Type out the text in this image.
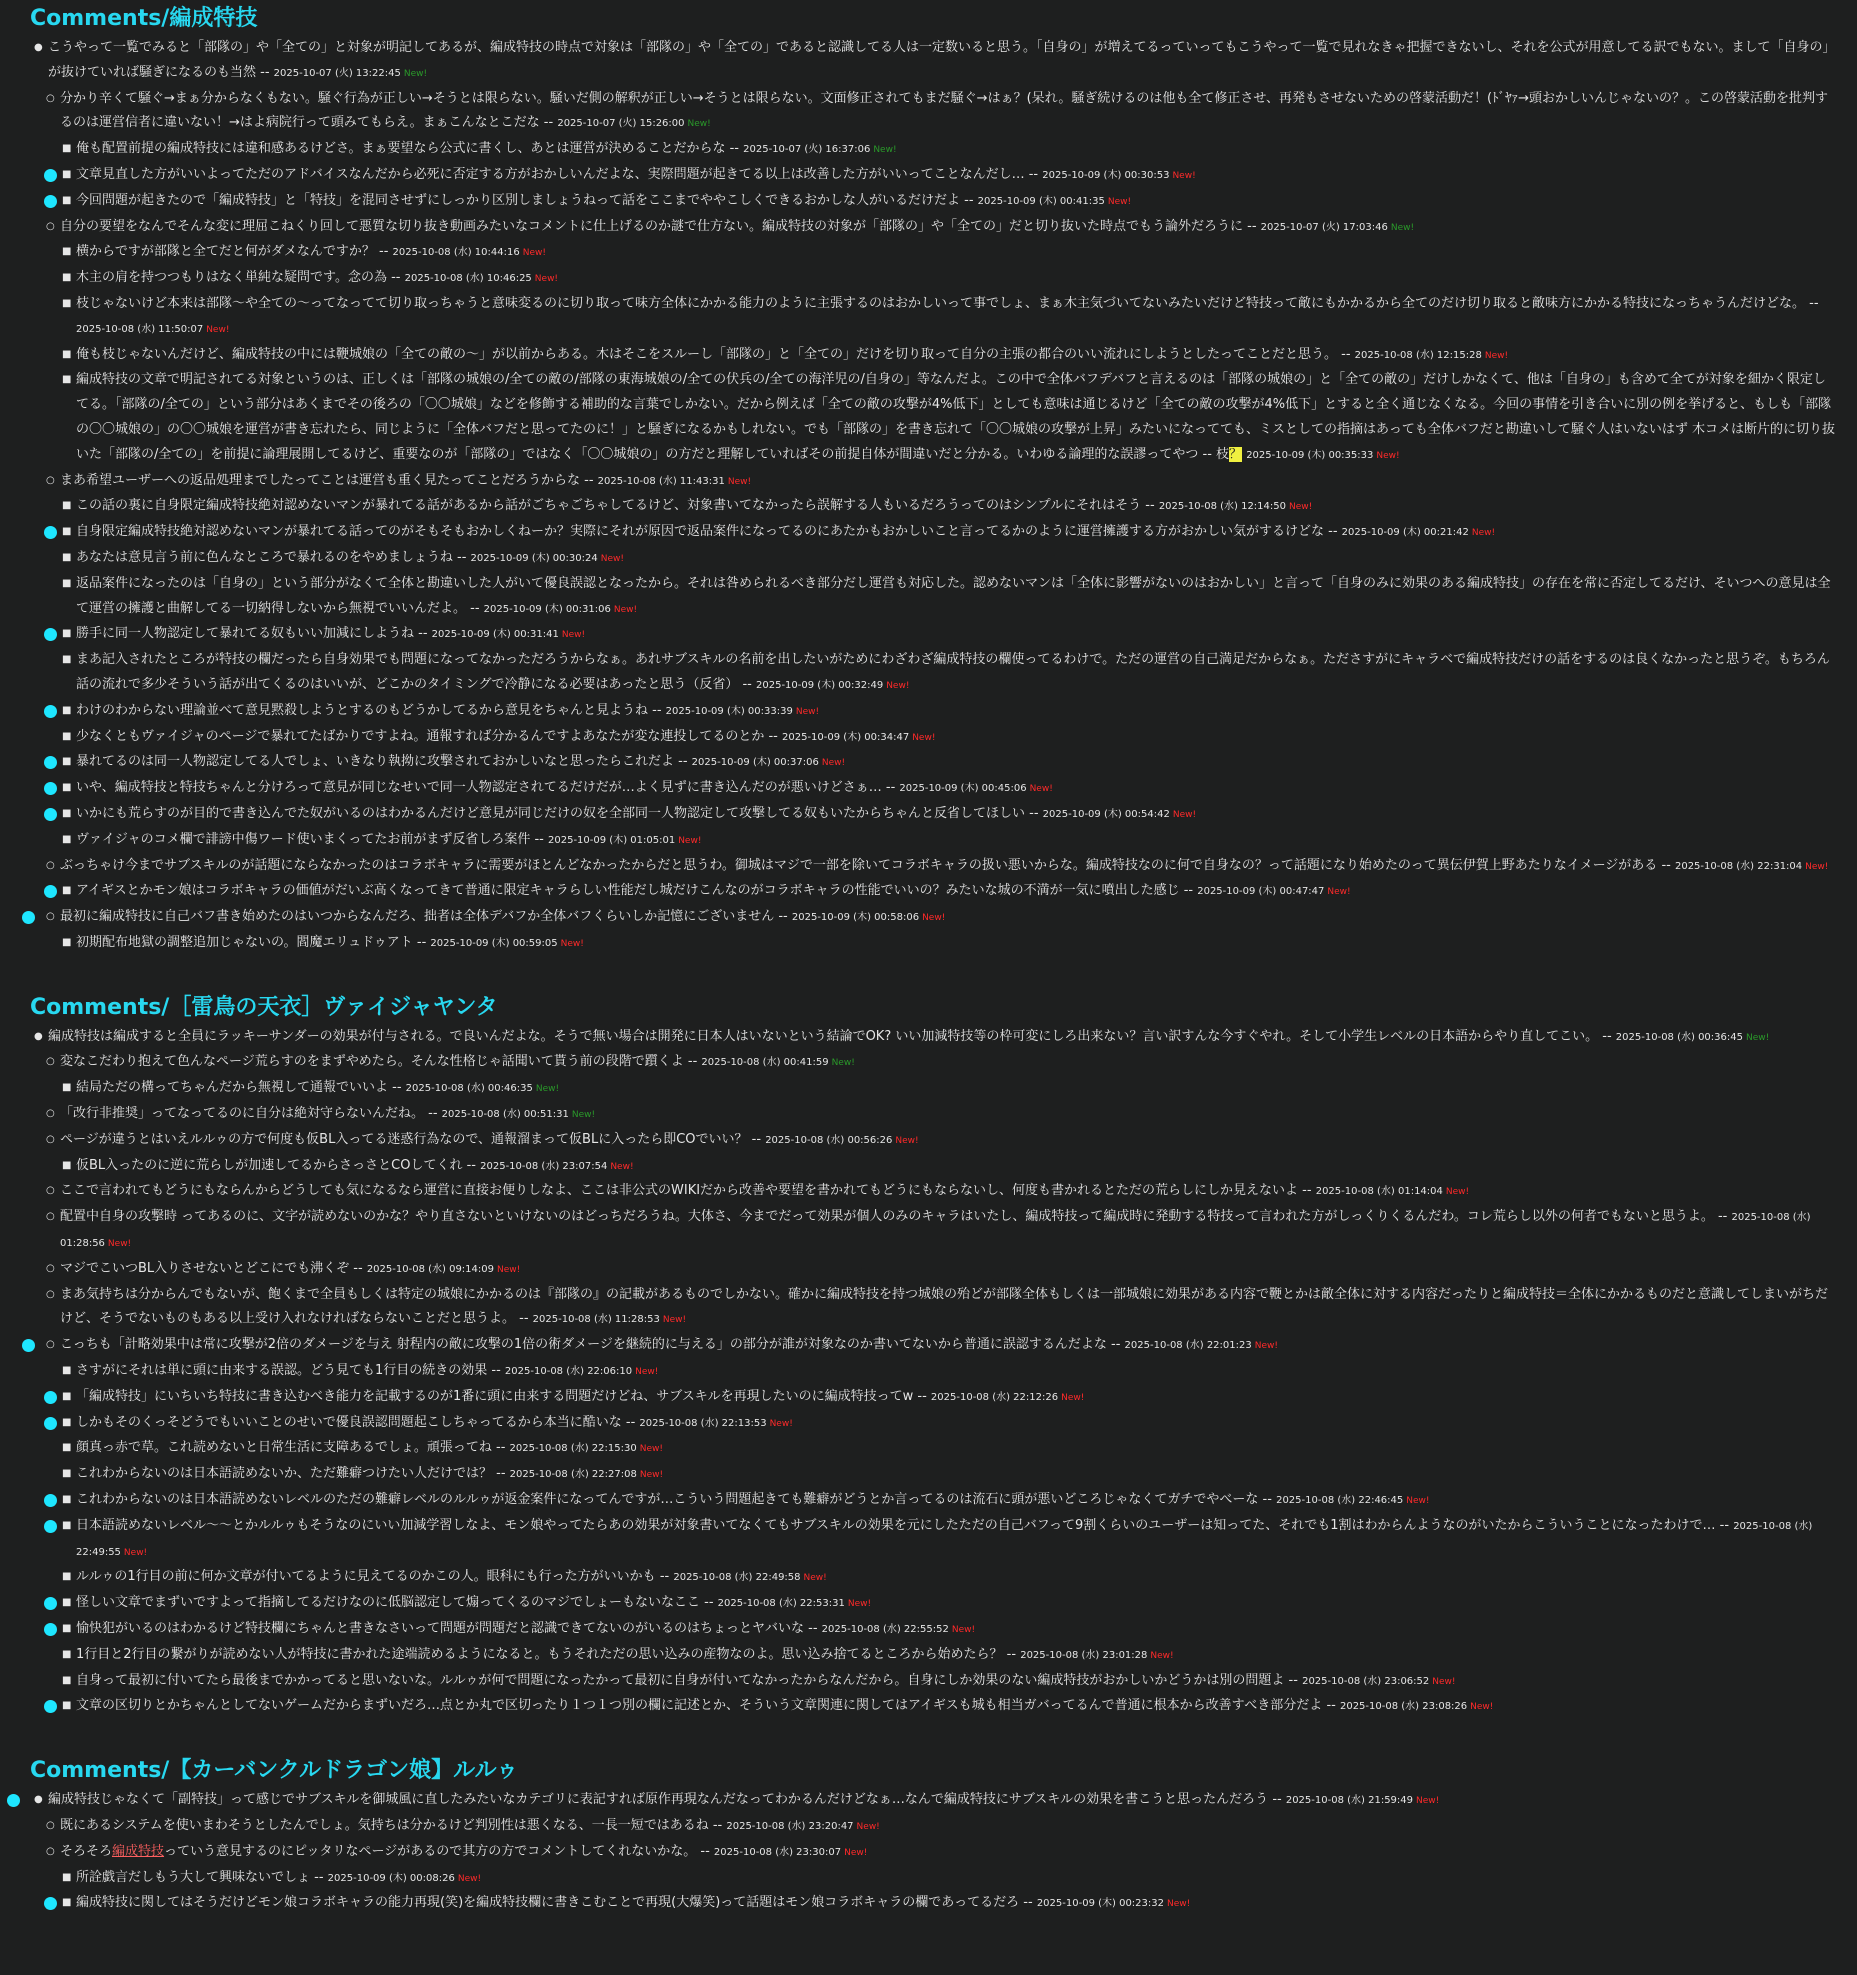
Comments/編成特技
● こうやって一覧でみると「部隊の」や「全ての」と対象が明記してあるが、編成特技の時点で対象は「部隊の」や「全ての」であると認識してる人は一定数いると思う。「自身の」が増えてるっていってもこうやって一覧で見れなきゃ把握できないし、それを公式が用意してる訳でもない。まして「自身の」が抜けていれば騒ぎになるのも当然 -- 2025-10-07 (火) 13:22:45 New!
○ 分かり辛くて騒ぐ→まぁ分からなくもない。騒ぐ行為が正しい→そうとは限らない。騒いだ側の解釈が正しい→そうとは限らない。文面修正されてもまだ騒ぐ→はぁ？(呆れ。騒ぎ続けるのは他も全て修正させ、再発もさせないための啓蒙活動だ！(ﾄﾞﾔｧ→頭おかしいんじゃないの？。この啓蒙活動を批判するのは運営信者に違いない！→はよ病院行って頭みてもらえ。まぁこんなとこだな -- 2025-10-07 (火) 15:26:00 New!
■ 俺も配置前提の編成特技には違和感あるけどさ。まぁ要望なら公式に書くし、あとは運営が決めることだからな -- 2025-10-07 (火) 16:37:06 New!
■ 文章見直した方がいいよってただのアドバイスなんだから必死に否定する方がおかしいんだよな、実際問題が起きてる以上は改善した方がいいってことなんだし… -- 2025-10-09 (木) 00:30:53 New!
■ 今回問題が起きたので「編成特技」と「特技」を混同させずにしっかり区別しましょうねって話をここまでややこしくできるおかしな人がいるだけだよ -- 2025-10-09 (木) 00:41:35 New!
○ 自分の要望をなんでそんな変に理屈こねくり回して悪質な切り抜き動画みたいなコメントに仕上げるのか謎で仕方ない。編成特技の対象が「部隊の」や「全ての」だと切り抜いた時点でもう論外だろうに -- 2025-10-07 (火) 17:03:46 New!
■ 横からですが部隊と全てだと何がダメなんですか？ -- 2025-10-08 (水) 10:44:16 New!
■ 木主の肩を持つつもりはなく単純な疑問です。念の為 -- 2025-10-08 (水) 10:46:25 New!
■ 枝じゃないけど本来は部隊〜や全ての〜ってなってて切り取っちゃうと意味変るのに切り取って味方全体にかかる能力のように主張するのはおかしいって事でしょ、まぁ木主気づいてないみたいだけど特技って敵にもかかるから全てのだけ切り取ると敵味方にかかる特技になっちゃうんだけどな。 -- 2025-10-08 (水) 11:50:07 New!
■ 俺も枝じゃないんだけど、編成特技の中には鞭城娘の「全ての敵の〜」が以前からある。木はそこをスルーし「部隊の」と「全ての」だけを切り取って自分の主張の都合のいい流れにしようとしたってことだと思う。 -- 2025-10-08 (水) 12:15:28 New!
■ 編成特技の文章で明記されてる対象というのは、正しくは「部隊の城娘の/全ての敵の/部隊の東海城娘の/全ての伏兵の/全ての海洋児の/自身の」等なんだよ。この中で全体バフデバフと言えるのは「部隊の城娘の」と「全ての敵の」だけしかなくて、他は「自身の」も含めて全てが対象を細かく限定してる。「部隊の/全ての」という部分はあくまでその後ろの「〇〇城娘」などを修飾する補助的な言葉でしかない。だから例えば「全ての敵の攻撃が4%低下」としても意味は通じるけど「全ての敵の攻撃が4%低下」とすると全く通じなくなる。今回の事情を引き合いに別の例を挙げると、もしも「部隊の〇〇城娘の」の〇〇城娘を運営が書き忘れたら、同じように「全体バフだと思ってたのに！」と騒ぎになるかもしれない。でも「部隊の」を書き忘れて「〇〇城娘の攻撃が上昇」みたいになってても、ミスとしての指摘はあっても全体バフだと勘違いして騒ぐ人はいないはず 木コメは断片的に切り抜いた「部隊の/全ての」を前提に論理展開してるけど、重要なのが「部隊の」ではなく「〇〇城娘の」の方だと理解していればその前提自体が間違いだと分かる。いわゆる論理的な誤謬ってやつ -- 枝？ 2025-10-09 (木) 00:35:33 New!
○ まあ希望ユーザーへの返品処理までしたってことは運営も重く見たってことだろうからな -- 2025-10-08 (水) 11:43:31 New!
■ この話の裏に自身限定編成特技絶対認めないマンが暴れてる話があるから話がごちゃごちゃしてるけど、対象書いてなかったら誤解する人もいるだろうってのはシンプルにそれはそう -- 2025-10-08 (水) 12:14:50 New!
■ 自身限定編成特技絶対認めないマンが暴れてる話ってのがそもそもおかしくねーか？実際にそれが原因で返品案件になってるのにあたかもおかしいこと言ってるかのように運営擁護する方がおかしい気がするけどな -- 2025-10-09 (木) 00:21:42 New!
■ あなたは意見言う前に色んなところで暴れるのをやめましょうね -- 2025-10-09 (木) 00:30:24 New!
■ 返品案件になったのは「自身の」という部分がなくて全体と勘違いした人がいて優良誤認となったから。それは咎められるべき部分だし運営も対応した。認めないマンは「全体に影響がないのはおかしい」と言って「自身のみに効果のある編成特技」の存在を常に否定してるだけ、そいつへの意見は全て運営の擁護と曲解してる一切納得しないから無視でいいんだよ。 -- 2025-10-09 (木) 00:31:06 New!
■ 勝手に同一人物認定して暴れてる奴もいい加減にしようね -- 2025-10-09 (木) 00:31:41 New!
■ まあ記入されたところが特技の欄だったら自身効果でも問題になってなかっただろうからなぁ。あれサブスキルの名前を出したいがためにわざわざ編成特技の欄使ってるわけで。ただの運営の自己満足だからなぁ。たださすがにキャラベで編成特技だけの話をするのは良くなかったと思うぞ。もちろん話の流れで多少そういう話が出てくるのはいいが、どこかのタイミングで冷静になる必要はあったと思う（反省） -- 2025-10-09 (木) 00:32:49 New!
■ わけのわからない理論並べて意見黙殺しようとするのもどうかしてるから意見をちゃんと見ようね -- 2025-10-09 (木) 00:33:39 New!
■ 少なくともヴァイジャのページで暴れてたばかりですよね。通報すれば分かるんですよあなたが変な連投してるのとか -- 2025-10-09 (木) 00:34:47 New!
■ 暴れてるのは同一人物認定してる人でしょ、いきなり執拗に攻撃されておかしいなと思ったらこれだよ -- 2025-10-09 (木) 00:37:06 New!
■ いや、編成特技と特技ちゃんと分けろって意見が同じなせいで同一人物認定されてるだけだが…よく見ずに書き込んだのが悪いけどさぁ… -- 2025-10-09 (木) 00:45:06 New!
■ いかにも荒らすのが目的で書き込んでた奴がいるのはわかるんだけど意見が同じだけの奴を全部同一人物認定して攻撃してる奴もいたからちゃんと反省してほしい -- 2025-10-09 (木) 00:54:42 New!
■ ヴァイジャのコメ欄で誹謗中傷ワード使いまくってたお前がまず反省しろ案件 -- 2025-10-09 (木) 01:05:01 New!
○ ぶっちゃけ今までサブスキルのが話題にならなかったのはコラボキャラに需要がほとんどなかったからだと思うわ。御城はマジで一部を除いてコラボキャラの扱い悪いからな。編成特技なのに何で自身なの？って話題になり始めたのって異伝伊賀上野あたりなイメージがある -- 2025-10-08 (水) 22:31:04 New!
■ アイギスとかモン娘はコラボキャラの価値がだいぶ高くなってきて普通に限定キャラらしい性能だし城だけこんなのがコラボキャラの性能でいいの？みたいな城の不満が一気に噴出した感じ -- 2025-10-09 (木) 00:47:47 New!
○ 最初に編成特技に自己バフ書き始めたのはいつからなんだろ、拙者は全体デバフか全体バフくらいしか記憶にございません -- 2025-10-09 (木) 00:58:06 New!
■ 初期配布地獄の調整追加じゃないの。閻魔エリュドゥアト -- 2025-10-09 (木) 00:59:05 New!
Comments/［雷鳥の天衣］ヴァイジャヤンタ
● 編成特技は編成すると全員にラッキーサンダーの効果が付与される。で良いんだよな。そうで無い場合は開発に日本人はいないという結論でOK? いい加減特技等の枠可変にしろ出来ない？言い訳すんな今すぐやれ。そして小学生レベルの日本語からやり直してこい。 -- 2025-10-08 (水) 00:36:45 New!
○ 変なこだわり抱えて色んなページ荒らすのをまずやめたら。そんな性格じゃ話聞いて貰う前の段階で躓くよ -- 2025-10-08 (水) 00:41:59 New!
■ 結局ただの構ってちゃんだから無視して通報でいいよ -- 2025-10-08 (水) 00:46:35 New!
○ 「改行非推奨」ってなってるのに自分は絶対守らないんだね。 -- 2025-10-08 (水) 00:51:31 New!
○ ページが違うとはいえルルゥの方で何度も仮BL入ってる迷惑行為なので、通報溜まって仮BLに入ったら即COでいい？ -- 2025-10-08 (水) 00:56:26 New!
■ 仮BL入ったのに逆に荒らしが加速してるからさっさとCOしてくれ -- 2025-10-08 (水) 23:07:54 New!
○ ここで言われてもどうにもならんからどうしても気になるなら運営に直接お便りしなよ、ここは非公式のWIKIだから改善や要望を書かれてもどうにもならないし、何度も書かれるとただの荒らしにしか見えないよ -- 2025-10-08 (水) 01:14:04 New!
○ 配置中自身の攻撃時 ってあるのに、文字が読めないのかな？やり直さないといけないのはどっちだろうね。大体さ、今までだって効果が個人のみのキャラはいたし、編成特技って編成時に発動する特技って言われた方がしっくりくるんだわ。コレ荒らし以外の何者でもないと思うよ。 -- 2025-10-08 (水) 01:28:56 New!
○ マジでこいつBL入りさせないとどこにでも沸くぞ -- 2025-10-08 (水) 09:14:09 New!
○ まあ気持ちは分からんでもないが、飽くまで全員もしくは特定の城娘にかかるのは『部隊の』の記載があるものでしかない。確かに編成特技を持つ城娘の殆どが部隊全体もしくは一部城娘に効果がある内容で鞭とかは敵全体に対する内容だったりと編成特技＝全体にかかるものだと意識してしまいがちだけど、そうでないものもある以上受け入れなければならないことだと思うよ。 -- 2025-10-08 (水) 11:28:53 New!
○ こっちも「計略効果中は常に攻撃が2倍のダメージを与え 射程内の敵に攻撃の1倍の術ダメージを継続的に与える」の部分が誰が対象なのか書いてないから普通に誤認するんだよな -- 2025-10-08 (水) 22:01:23 New!
■ さすがにそれは単に頭に由来する誤認。どう見ても1行目の続きの効果 -- 2025-10-08 (水) 22:06:10 New!
■ 「編成特技」にいちいち特技に書き込むべき能力を記載するのが1番に頭に由来する問題だけどね、サブスキルを再現したいのに編成特技ってw -- 2025-10-08 (水) 22:12:26 New!
■ しかもそのくっそどうでもいいことのせいで優良誤認問題起こしちゃってるから本当に酷いな -- 2025-10-08 (水) 22:13:53 New!
■ 顔真っ赤で草。これ読めないと日常生活に支障あるでしょ。頑張ってね -- 2025-10-08 (水) 22:15:30 New!
■ これわからないのは日本語読めないか、ただ難癖つけたい人だけでは？ -- 2025-10-08 (水) 22:27:08 New!
■ これわからないのは日本語読めないレベルのただの難癖レベルのルルゥが返金案件になってんですが…こういう問題起きても難癖がどうとか言ってるのは流石に頭が悪いどころじゃなくてガチでやべーな -- 2025-10-08 (水) 22:46:45 New!
■ 日本語読めないレベル〜〜とかルルゥもそうなのにいい加減学習しなよ、モン娘やってたらあの効果が対象書いてなくてもサブスキルの効果を元にしたただの自己バフって9割くらいのユーザーは知ってた、それでも1割はわからんようなのがいたからこういうことになったわけで… -- 2025-10-08 (水) 22:49:55 New!
■ ルルゥの1行目の前に何か文章が付いてるように見えてるのかこの人。眼科にも行った方がいいかも -- 2025-10-08 (水) 22:49:58 New!
■ 怪しい文章でまずいですよって指摘してるだけなのに低脳認定して煽ってくるのマジでしょーもないなここ -- 2025-10-08 (水) 22:53:31 New!
■ 愉快犯がいるのはわかるけど特技欄にちゃんと書きなさいって問題が問題だと認識できてないのがいるのはちょっとヤバいな -- 2025-10-08 (水) 22:55:52 New!
■ 1行目と2行目の繋がりが読めない人が特技に書かれた途端読めるようになると。もうそれただの思い込みの産物なのよ。思い込み捨てるところから始めたら？ -- 2025-10-08 (水) 23:01:28 New!
■ 自身って最初に付いてたら最後までかかってると思いないな。ルルゥが何で問題になったかって最初に自身が付いてなかったからなんだから。自身にしか効果のない編成特技がおかしいかどうかは別の問題よ -- 2025-10-08 (水) 23:06:52 New!
■ 文章の区切りとかちゃんとしてないゲームだからまずいだろ…点とか丸で区切ったり１つ１つ別の欄に記述とか、そういう文章関連に関してはアイギスも城も相当ガバってるんで普通に根本から改善すべき部分だよ -- 2025-10-08 (水) 23:08:26 New!
Comments/【カーバンクルドラゴン娘】ルルゥ
● 編成特技じゃなくて「副特技」って感じでサブスキルを御城風に直したみたいなカテゴリに表記すれば原作再現なんだなってわかるんだけどなぁ…なんで編成特技にサブスキルの効果を書こうと思ったんだろう -- 2025-10-08 (水) 21:59:49 New!
○ 既にあるシステムを使いまわそうとしたんでしょ。気持ちは分かるけど判別性は悪くなる、一長一短ではあるね -- 2025-10-08 (水) 23:20:47 New!
○ そろそろ編成特技っていう意見するのにピッタリなページがあるので其方の方でコメントしてくれないかな。 -- 2025-10-08 (水) 23:30:07 New!
■ 所詮戯言だしもう大して興味ないでしょ -- 2025-10-09 (木) 00:08:26 New!
■ 編成特技に関してはそうだけどモン娘コラボキャラの能力再現(笑)を編成特技欄に書きこむことで再現(大爆笑)って話題はモン娘コラボキャラの欄であってるだろ -- 2025-10-09 (木) 00:23:32 New!
